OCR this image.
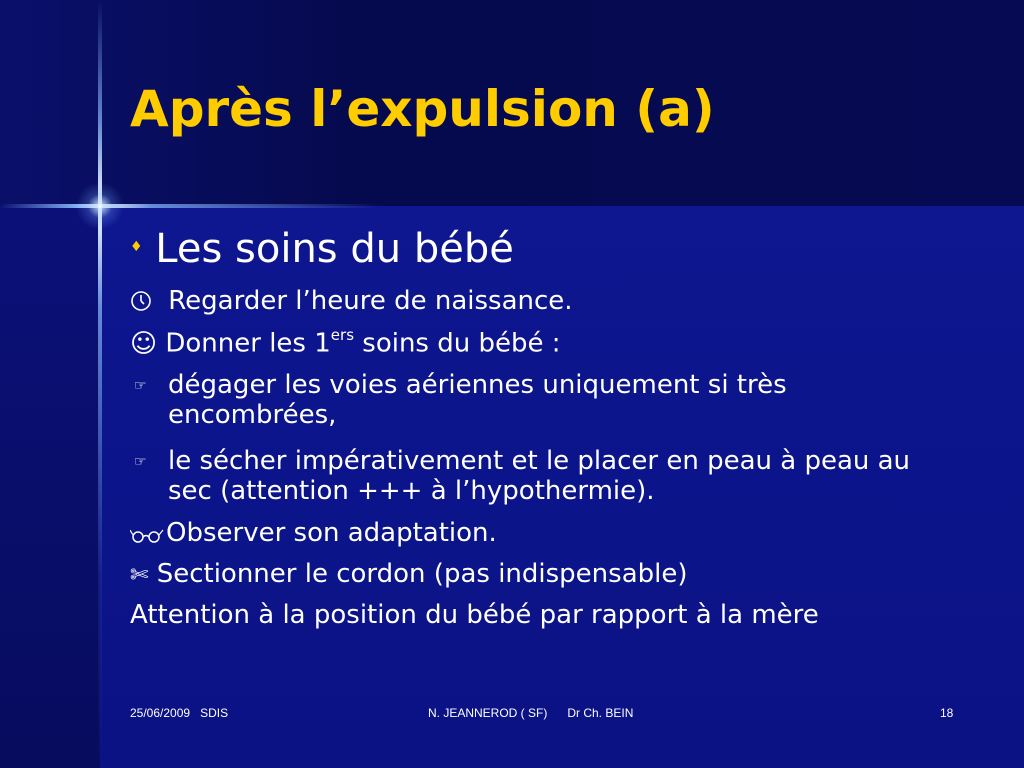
Après l’expulsion (a)
♦ Les soins du bébé
Regarder l’heure de naissance.
☺ Donner les 1ers soins du bébé :
☞ dégager les voies aériennes uniquement si très encombrées,
☞ le sécher impérativement et le placer en peau à peau au sec (attention +++ à l’hypothermie).
Observer son adaptation.
✄ Sectionner le cordon (pas indispensable)
Attention à la position du bébé par rapport à la mère
25/06/2009 SDIS	N. JEANNEROD ( SF)      Dr Ch. BEIN	18
